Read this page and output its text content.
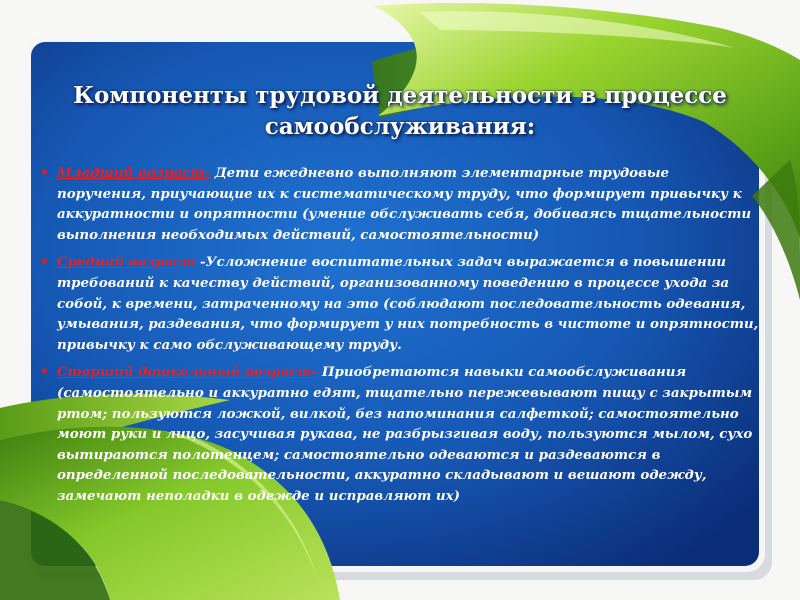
Компоненты трудовой деятельности в процессе самообслуживания:
• Младший возраст- Дети ежедневно выполняют элементарные трудовые поручения, приучающие их к систематическому труду, что формирует привычку к аккуратности и опрятности (умение обслуживать себя, добиваясь тщательности выполнения необходимых действий, самостоятельности)
• Средний возраст -Усложнение воспитательных задач выражается в повышении требований к качеству действий, организованному поведению в процессе ухода за собой, к времени, затраченному на это (соблюдают последовательность одевания, умывания, раздевания, что формирует у них потребность в чистоте и опрятности, привычку к само обслуживающему труду.
• Старший дошкольный возраст- Приобретаются навыки самообслуживания (самостоятельно и аккуратно едят, тщательно пережевывают пищу с закрытым ртом; пользуются ложкой, вилкой, без напоминания салфеткой; самостоятельно моют руки и лицо, засучивая рукава, не разбрызгивая воду, пользуются мылом, сухо вытираются полотенцем; самостоятельно одеваются и раздеваются в определенной последовательности, аккуратно складывают и вешают одежду, замечают неполадки в одежде и исправляют их)
